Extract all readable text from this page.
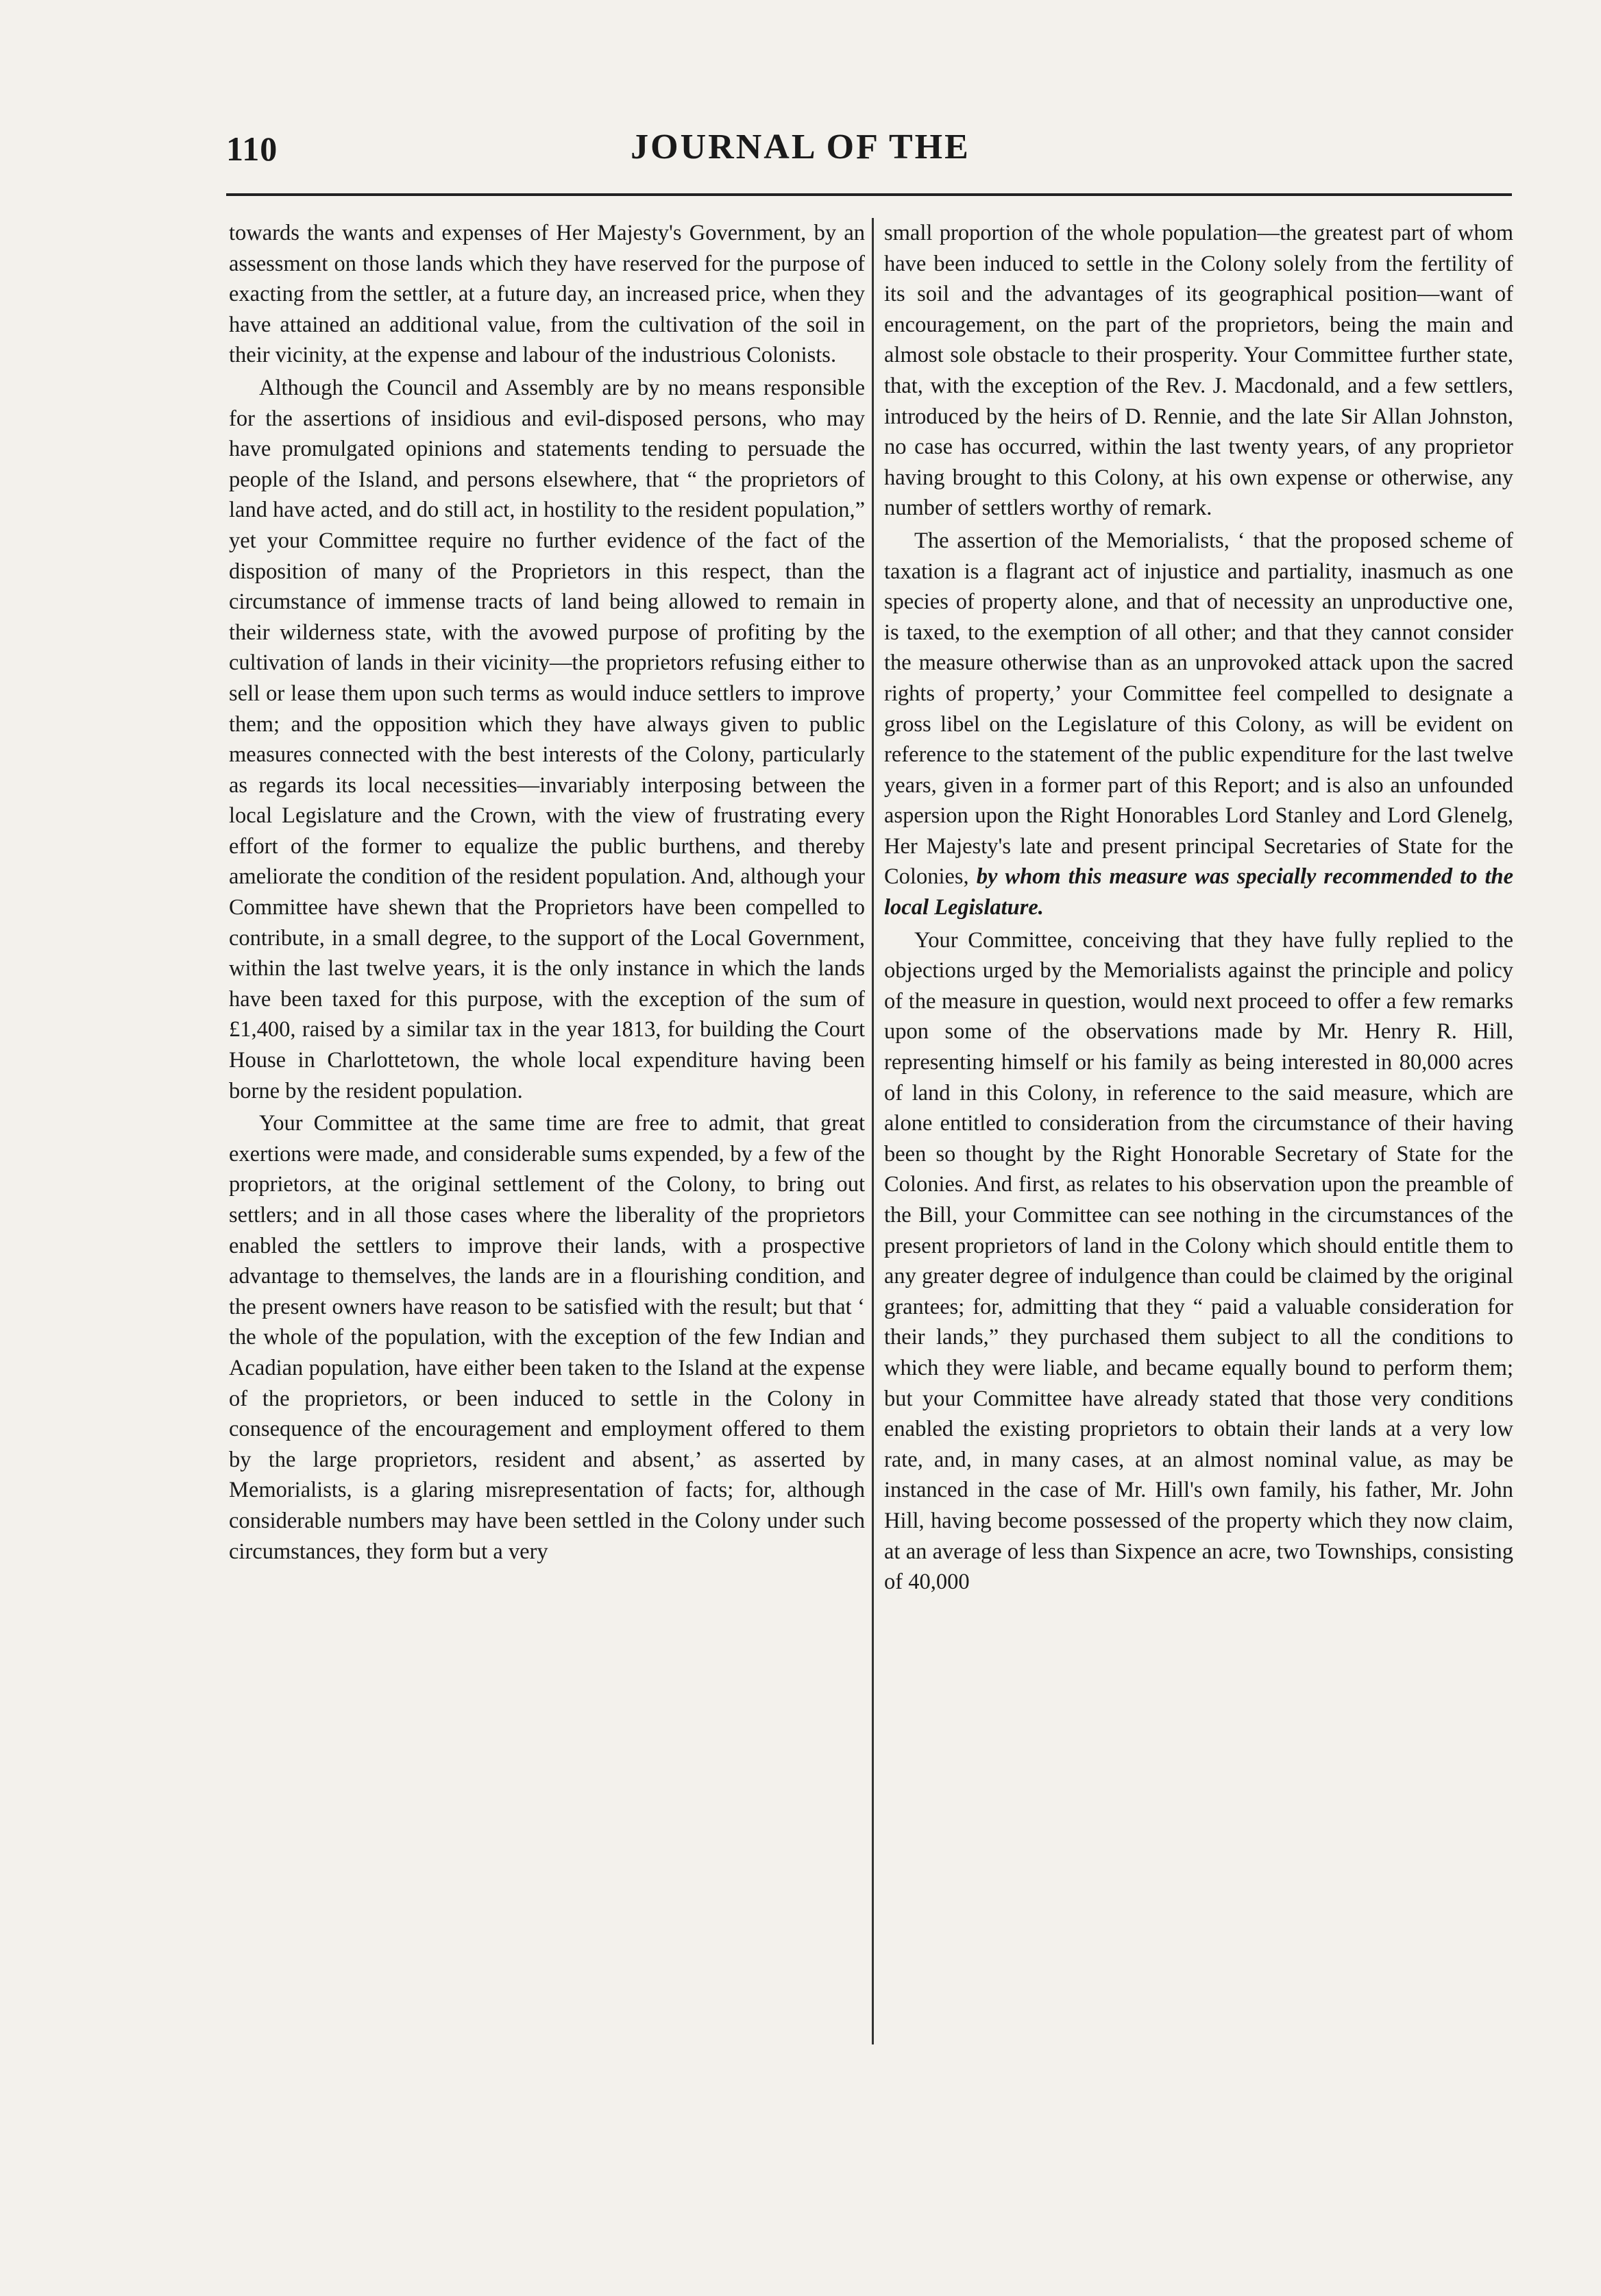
110	JOURNAL OF THE

towards the wants and expenses of Her Majesty's Government, by an assessment on those lands which they have reserved for the purpose of exacting from the settler, at a future day, an increased price, when they have attained an additional value, from the cultivation of the soil in their vicinity, at the expense and labour of the industrious Colonists.

Although the Council and Assembly are by no means responsible for the assertions of insidious and evil-disposed persons, who may have promulgated opinions and statements tending to persuade the people of the Island, and persons elsewhere, that “ the proprietors of land have acted, and do still act, in hostility to the resident population,” yet your Committee require no further evidence of the fact of the disposition of many of the Proprietors in this respect, than the circumstance of immense tracts of land being allowed to remain in their wilderness state, with the avowed purpose of profiting by the cultivation of lands in their vicinity—the proprietors refusing either to sell or lease them upon such terms as would induce settlers to improve them; and the opposition which they have always given to public measures connected with the best interests of the Colony, particularly as regards its local necessities—invariably interposing between the local Legislature and the Crown, with the view of frustrating every effort of the former to equalize the public burthens, and thereby ameliorate the condition of the resident population. And, although your Committee have shewn that the Proprietors have been compelled to contribute, in a small degree, to the support of the Local Government, within the last twelve years, it is the only instance in which the lands have been taxed for this purpose, with the exception of the sum of £1,400, raised by a similar tax in the year 1813, for building the Court House in Charlottetown, the whole local expenditure having been borne by the resident population.

Your Committee at the same time are free to admit, that great exertions were made, and considerable sums expended, by a few of the proprietors, at the original settlement of the Colony, to bring out settlers; and in all those cases where the liberality of the proprietors enabled the settlers to improve their lands, with a prospective advantage to themselves, the lands are in a flourishing condition, and the present owners have reason to be satisfied with the result; but that ‘ the whole of the population, with the exception of the few Indian and Acadian population, have either been taken to the Island at the expense of the proprietors, or been induced to settle in the Colony in consequence of the encouragement and employment offered to them by the large proprietors, resident and absent,’ as asserted by Memorialists, is a glaring misrepresentation of facts; for, although considerable numbers may have been settled in the Colony under such circumstances, they form but a very

small proportion of the whole population—the greatest part of whom have been induced to settle in the Colony solely from the fertility of its soil and the advantages of its geographical position—want of encouragement, on the part of the proprietors, being the main and almost sole obstacle to their prosperity. Your Committee further state, that, with the exception of the Rev. J. Macdonald, and a few settlers, introduced by the heirs of D. Rennie, and the late Sir Allan Johnston, no case has occurred, within the last twenty years, of any proprietor having brought to this Colony, at his own expense or otherwise, any number of settlers worthy of remark.

The assertion of the Memorialists, ‘ that the proposed scheme of taxation is a flagrant act of injustice and partiality, inasmuch as one species of property alone, and that of necessity an unproductive one, is taxed, to the exemption of all other; and that they cannot consider the measure otherwise than as an unprovoked attack upon the sacred rights of property,’ your Committee feel compelled to designate a gross libel on the Legislature of this Colony, as will be evident on reference to the statement of the public expenditure for the last twelve years, given in a former part of this Report; and is also an unfounded aspersion upon the Right Honorables Lord Stanley and Lord Glenelg, Her Majesty's late and present principal Secretaries of State for the Colonies, by whom this measure was specially recommended to the local Legislature.

Your Committee, conceiving that they have fully replied to the objections urged by the Memorialists against the principle and policy of the measure in question, would next proceed to offer a few remarks upon some of the observations made by Mr. Henry R. Hill, representing himself or his family as being interested in 80,000 acres of land in this Colony, in reference to the said measure, which are alone entitled to consideration from the circumstance of their having been so thought by the Right Honorable Secretary of State for the Colonies. And first, as relates to his observation upon the preamble of the Bill, your Committee can see nothing in the circumstances of the present proprietors of land in the Colony which should entitle them to any greater degree of indulgence than could be claimed by the original grantees; for, admitting that they “ paid a valuable consideration for their lands,” they purchased them subject to all the conditions to which they were liable, and became equally bound to perform them; but your Committee have already stated that those very conditions enabled the existing proprietors to obtain their lands at a very low rate, and, in many cases, at an almost nominal value, as may be instanced in the case of Mr. Hill's own family, his father, Mr. John Hill, having become possessed of the property which they now claim, at an average of less than Sixpence an acre, two Townships, consisting of 40,000
